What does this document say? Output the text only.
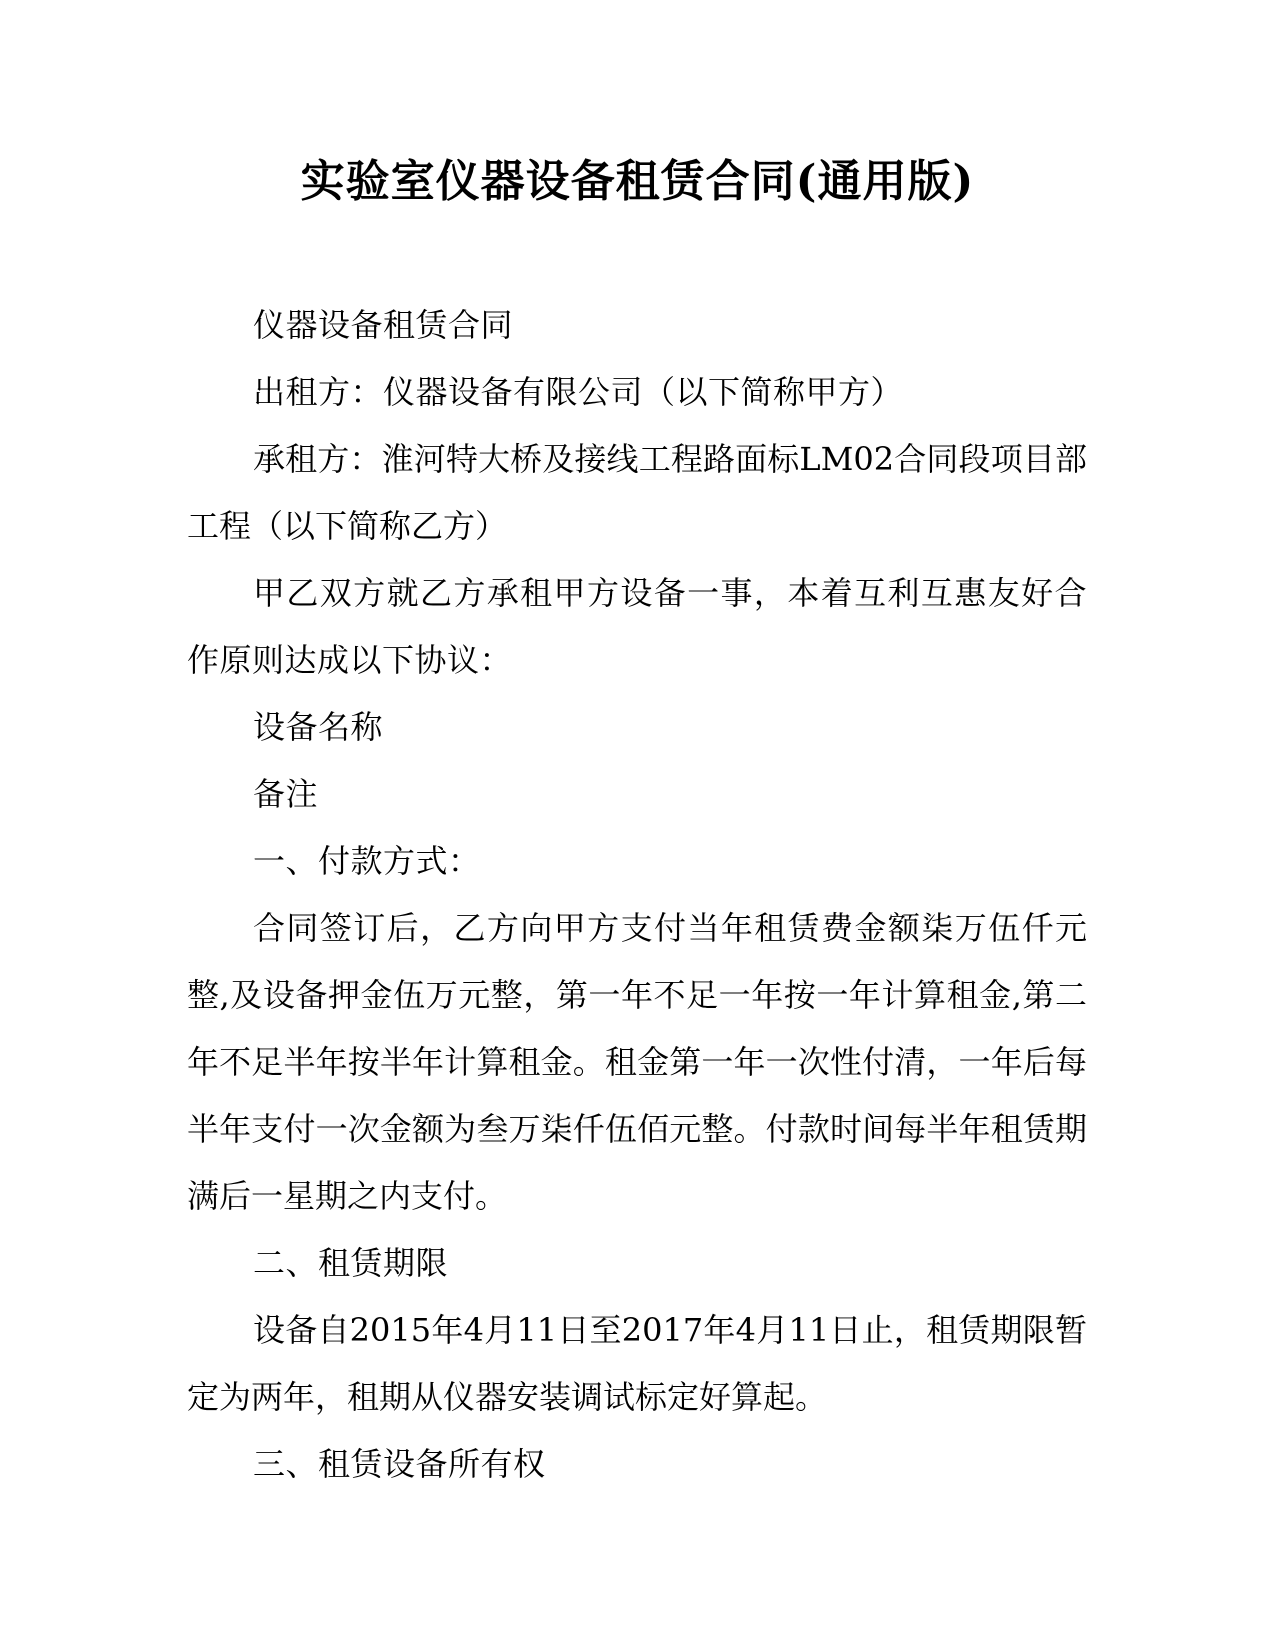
实验室仪器设备租赁合同(通用版)

仪器设备租赁合同

出租方：仪器设备有限公司（以下简称甲方）

承租方：淮河特大桥及接线工程路面标LM02合同段项目部工程（以下简称乙方）

甲乙双方就乙方承租甲方设备一事，本着互利互惠友好合作原则达成以下协议：

设备名称

备注

一、付款方式：

合同签订后，乙方向甲方支付当年租赁费金额柒万伍仟元整,及设备押金伍万元整，第一年不足一年按一年计算租金,第二年不足半年按半年计算租金。租金第一年一次性付清，一年后每半年支付一次金额为叁万柒仟伍佰元整。付款时间每半年租赁期满后一星期之内支付。

二、租赁期限

设备自2015年4月11日至2017年4月11日止，租赁期限暂定为两年，租期从仪器安装调试标定好算起。

三、租赁设备所有权
